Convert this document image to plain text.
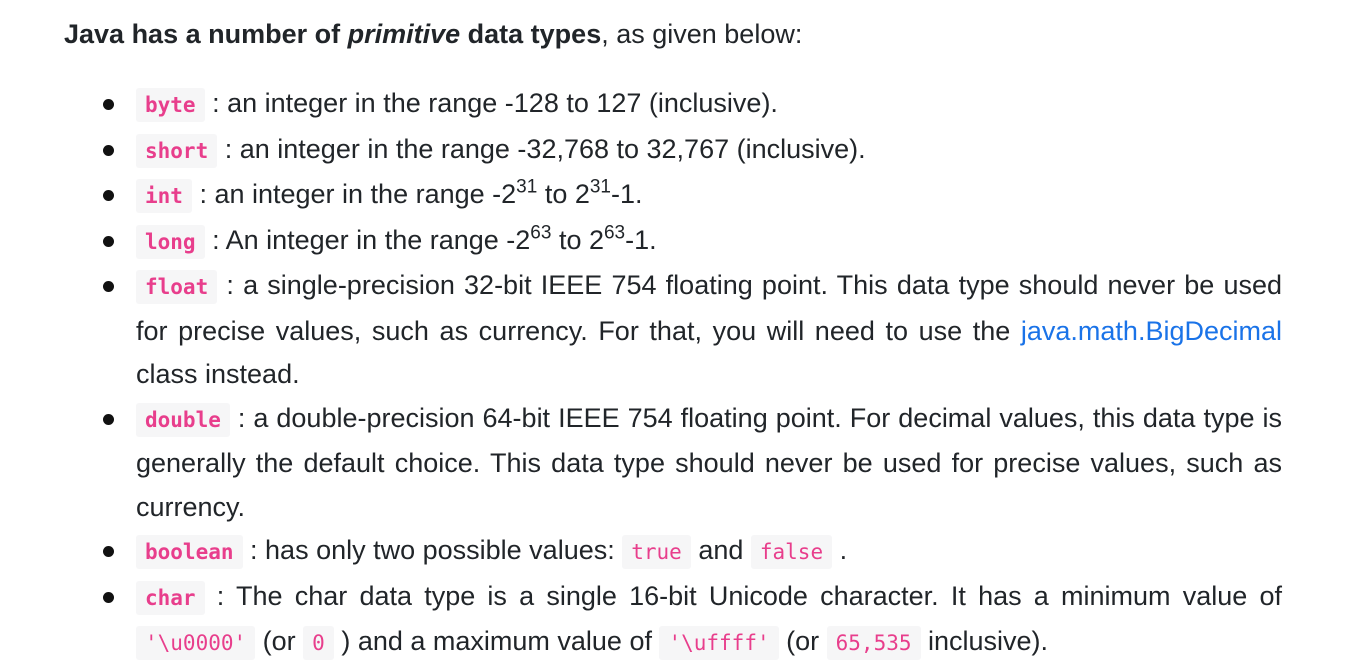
Java has a number of primitive data types, as given below:

byte : an integer in the range -128 to 127 (inclusive).
short : an integer in the range -32,768 to 32,767 (inclusive).
int : an integer in the range $-2^{31}$ to $2^{31}-1$.
long : An integer in the range $-2^{63}$ to $2^{63}-1$.
float : a single-precision 32-bit IEEE 754 floating point. This data type should never be used for precise values, such as currency. For that, you will need to use the java.math.BigDecimal class instead.
double : a double-precision 64-bit IEEE 754 floating point. For decimal values, this data type is generally the default choice. This data type should never be used for precise values, such as currency.
boolean : has only two possible values: true and false .
char : The char data type is a single 16-bit Unicode character. It has a minimum value of '\u0000' (or 0 ) and a maximum value of '\uffff' (or 65,535 inclusive).
